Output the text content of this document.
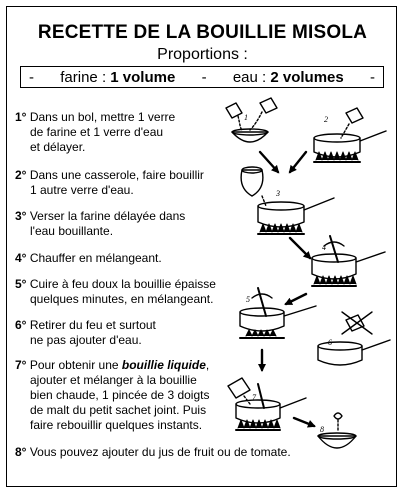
RECETTE DE LA BOUILLIE MISOLA
Proportions :
- farine : 1 volume - eau : 2 volumes -
1° Dans un bol, mettre 1 verre
de farine et 1 verre d'eau
et délayer.
2° Dans une casserole, faire bouillir
1 autre verre d'eau.
3° Verser la farine délayée dans
l'eau bouillante.
4° Chauffer en mélangeant.
5° Cuire à feu doux la bouillie épaisse
quelques minutes, en mélangeant.
6° Retirer du feu et surtout
ne pas ajouter d'eau.
7° Pour obtenir une bouillie liquide,
ajouter et mélanger à la bouillie
bien chaude, 1 pincée de 3 doigts
de malt du petit sachet joint. Puis
faire rebouillir quelques instants.
8° Vous pouvez ajouter du jus de fruit ou de tomate.
1	2
3
4
5
6
7
8
